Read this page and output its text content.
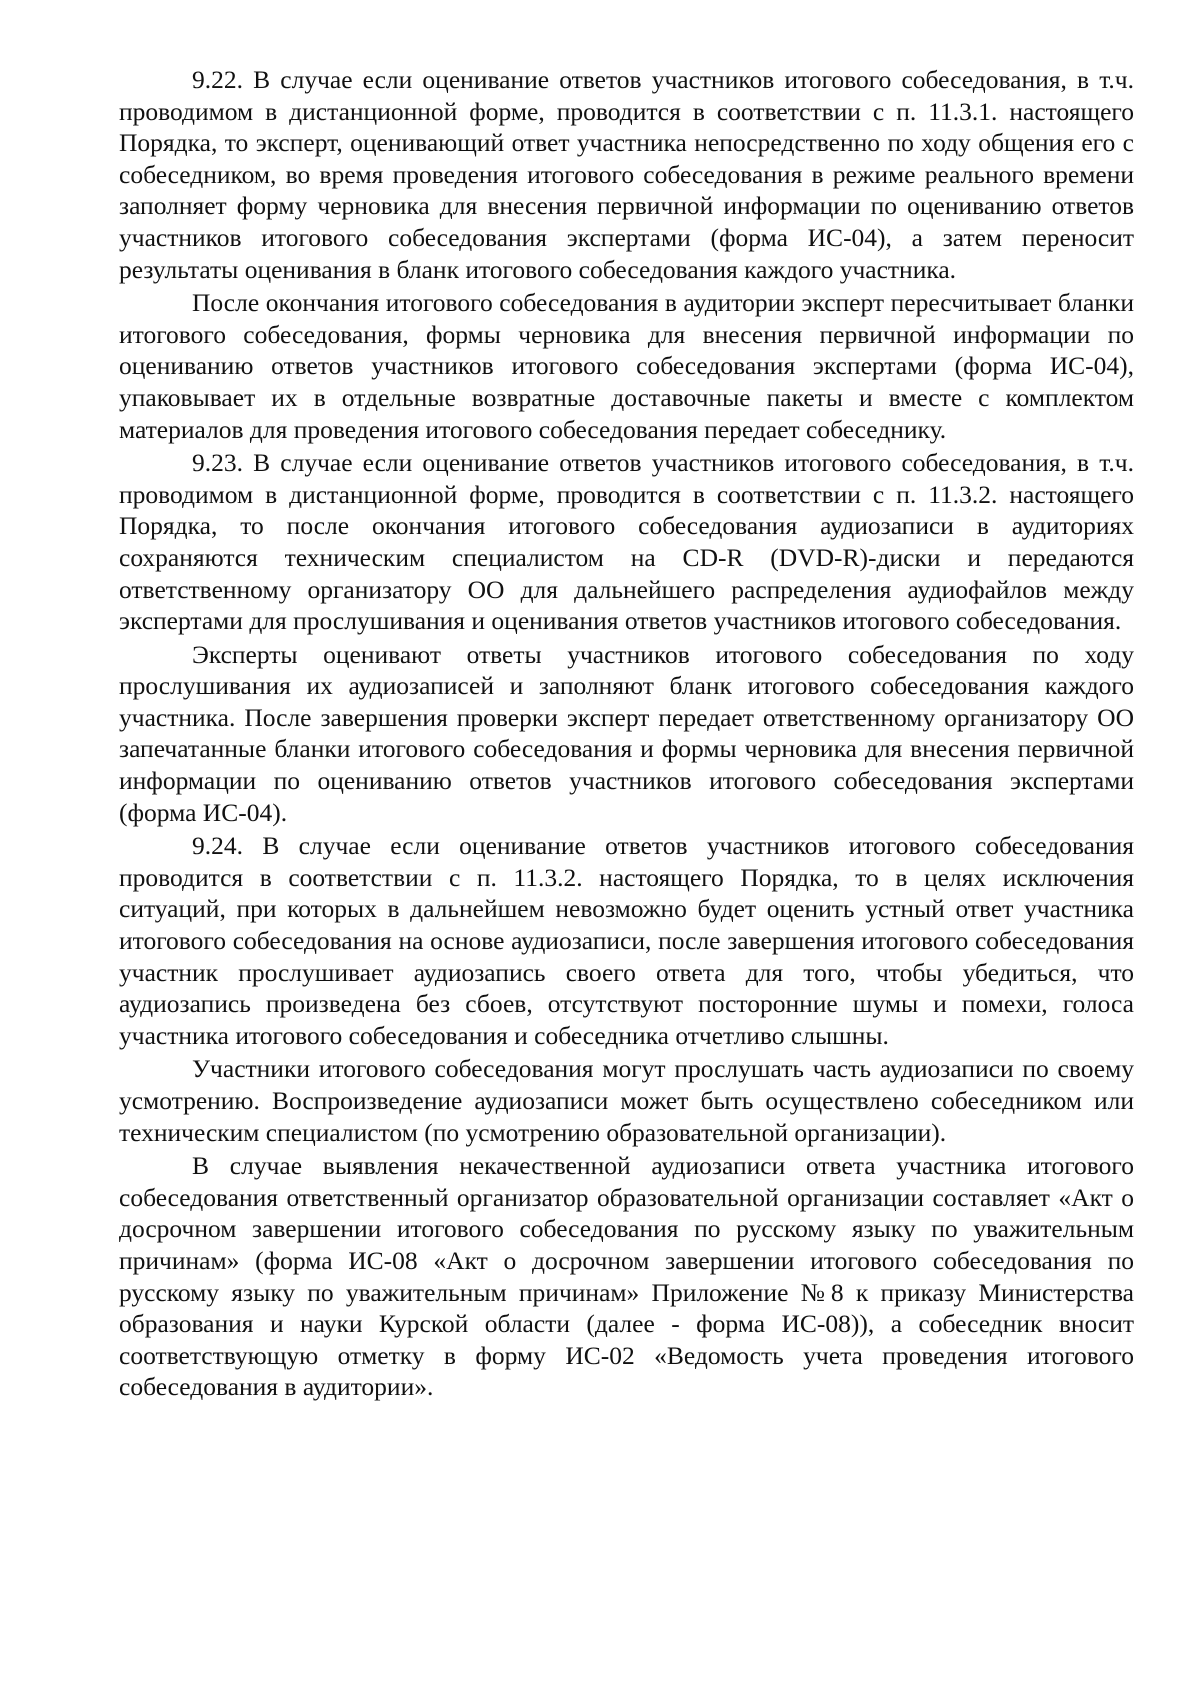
9.22. В случае если оценивание ответов участников итогового собеседования, в т.ч. проводимом в дистанционной форме, проводится в соответствии с п. 11.3.1. настоящего Порядка, то эксперт, оценивающий ответ участника непосредственно по ходу общения его с собеседником, во время проведения итогового собеседования в режиме реального времени заполняет форму черновика для внесения первичной информации по оцениванию ответов участников итогового собеседования экспертами (форма ИС-04), а затем переносит результаты оценивания в бланк итогового собеседования каждого участника.

После окончания итогового собеседования в аудитории эксперт пересчитывает бланки итогового собеседования, формы черновика для внесения первичной информации по оцениванию ответов участников итогового собеседования экспертами (форма ИС-04), упаковывает их в отдельные возвратные доставочные пакеты и вместе с комплектом материалов для проведения итогового собеседования передает собеседнику.

9.23. В случае если оценивание ответов участников итогового собеседования, в т.ч. проводимом в дистанционной форме, проводится в соответствии с п. 11.3.2. настоящего Порядка, то после окончания итогового собеседования аудиозаписи в аудиториях сохраняются техническим специалистом на CD-R (DVD-R)-диски и передаются ответственному организатору ОО для дальнейшего распределения аудиофайлов между экспертами для прослушивания и оценивания ответов участников итогового собеседования.

Эксперты оценивают ответы участников итогового собеседования по ходу прослушивания их аудиозаписей и заполняют бланк итогового собеседования каждого участника. После завершения проверки эксперт передает ответственному организатору ОО запечатанные бланки итогового собеседования и формы черновика для внесения первичной информации по оцениванию ответов участников итогового собеседования экспертами (форма ИС-04).

9.24. В случае если оценивание ответов участников итогового собеседования проводится в соответствии с п. 11.3.2. настоящего Порядка, то в целях исключения ситуаций, при которых в дальнейшем невозможно будет оценить устный ответ участника итогового собеседования на основе аудиозаписи, после завершения итогового собеседования участник прослушивает аудиозапись своего ответа для того, чтобы убедиться, что аудиозапись произведена без сбоев, отсутствуют посторонние шумы и помехи, голоса участника итогового собеседования и собеседника отчетливо слышны.

Участники итогового собеседования могут прослушать часть аудиозаписи по своему усмотрению. Воспроизведение аудиозаписи может быть осуществлено собеседником или техническим специалистом (по усмотрению образовательной организации).

В случае выявления некачественной аудиозаписи ответа участника итогового собеседования ответственный организатор образовательной организации составляет «Акт о досрочном завершении итогового собеседования по русскому языку по уважительным причинам» (форма ИС-08 «Акт о досрочном завершении итогового собеседования по русскому языку по уважительным причинам» Приложение №8 к приказу Министерства образования и науки Курской области (далее - форма ИС-08)), а собеседник вносит соответствующую отметку в форму ИС-02 «Ведомость учета проведения итогового собеседования в аудитории».
